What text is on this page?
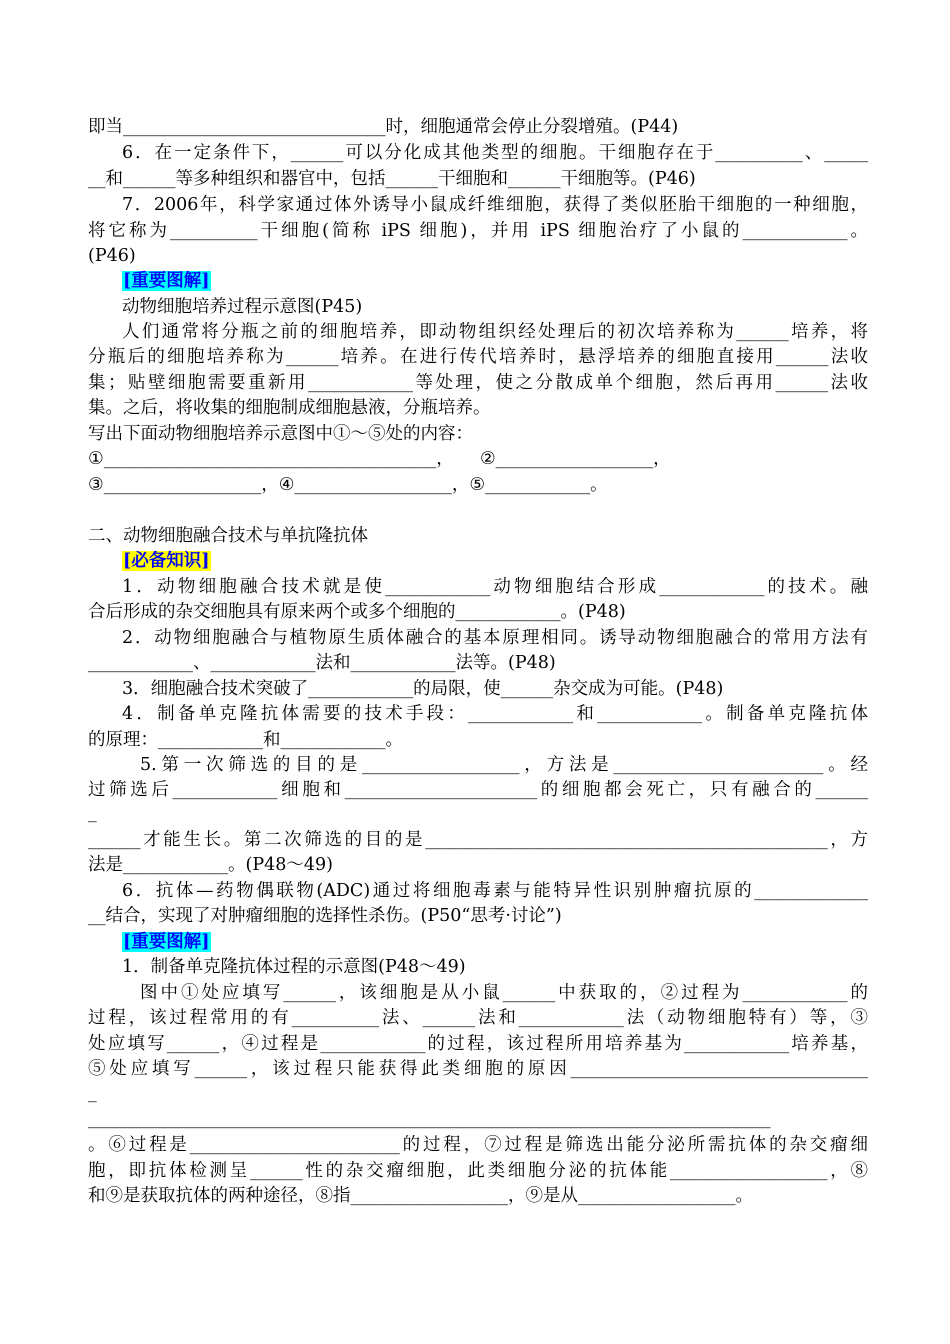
即当______________________________时，细胞通常会停止分裂增殖。(P44)
6．在一定条件下，______可以分化成其他类型的细胞。干细胞存在于__________、_____
__和______等多种组织和器官中，包括______干细胞和______干细胞等。(P46)
7．2006年，科学家通过体外诱导小鼠成纤维细胞，获得了类似胚胎干细胞的一种细胞，
将它称为__________干细胞(简称 iPS 细胞)，并用 iPS 细胞治疗了小鼠的____________。
(P46)
[重要图解]
动物细胞培养过程示意图(P45)
人们通常将分瓶之前的细胞培养，即动物组织经处理后的初次培养称为______培养，将
分瓶后的细胞培养称为______培养。在进行传代培养时，悬浮培养的细胞直接用______法收
集；贴壁细胞需要重新用____________等处理，使之分散成单个细胞，然后再用______法收
集。之后，将收集的细胞制成细胞悬液，分瓶培养。
写出下面动物细胞培养示意图中①～⑤处的内容：
①______________________________________，　　②__________________，
③__________________，④__________________，⑤____________。
二、动物细胞融合技术与单抗隆抗体
[必备知识]
1．动物细胞融合技术就是使____________动物细胞结合形成____________的技术。融
合后形成的杂交细胞具有原来两个或多个细胞的____________。(P48)
2．动物细胞融合与植物原生质体融合的基本原理相同。诱导动物细胞融合的常用方法有
____________、____________法和____________法等。(P48)
3．细胞融合技术突破了____________的局限，使______杂交成为可能。(P48)
4．制备单克隆抗体需要的技术手段：____________和____________。制备单克隆抗体
的原理：____________和____________。
5.第一次筛选的目的是__________________，方法是________________________。经
过筛选后____________细胞和______________________的细胞都会死亡，只有融合的______
_
______才能生长。第二次筛选的目的是______________________________________________，方
法是____________。(P48～49)
6．抗体—药物偶联物(ADC)通过将细胞毒素与能特异性识别肿瘤抗原的_____________
__结合，实现了对肿瘤细胞的选择性杀伤。(P50“思考·讨论”)
[重要图解]
1．制备单克隆抗体过程的示意图(P48～49)
图中①处应填写______，该细胞是从小鼠______中获取的，②过程为____________的
过程，该过程常用的有__________法、______法和____________法（动物细胞特有）等，③
处应填写______，④过程是____________的过程，该过程所用培养基为____________培养基，
⑤处应填写______，该过程只能获得此类细胞的原因__________________________________
_
______________________________________________________________________________
。⑥过程是________________________的过程，⑦过程是筛选出能分泌所需抗体的杂交瘤细
胞，即抗体检测呈______性的杂交瘤细胞，此类细胞分泌的抗体能__________________，⑧
和⑨是获取抗体的两种途径，⑧指__________________，⑨是从__________________。
